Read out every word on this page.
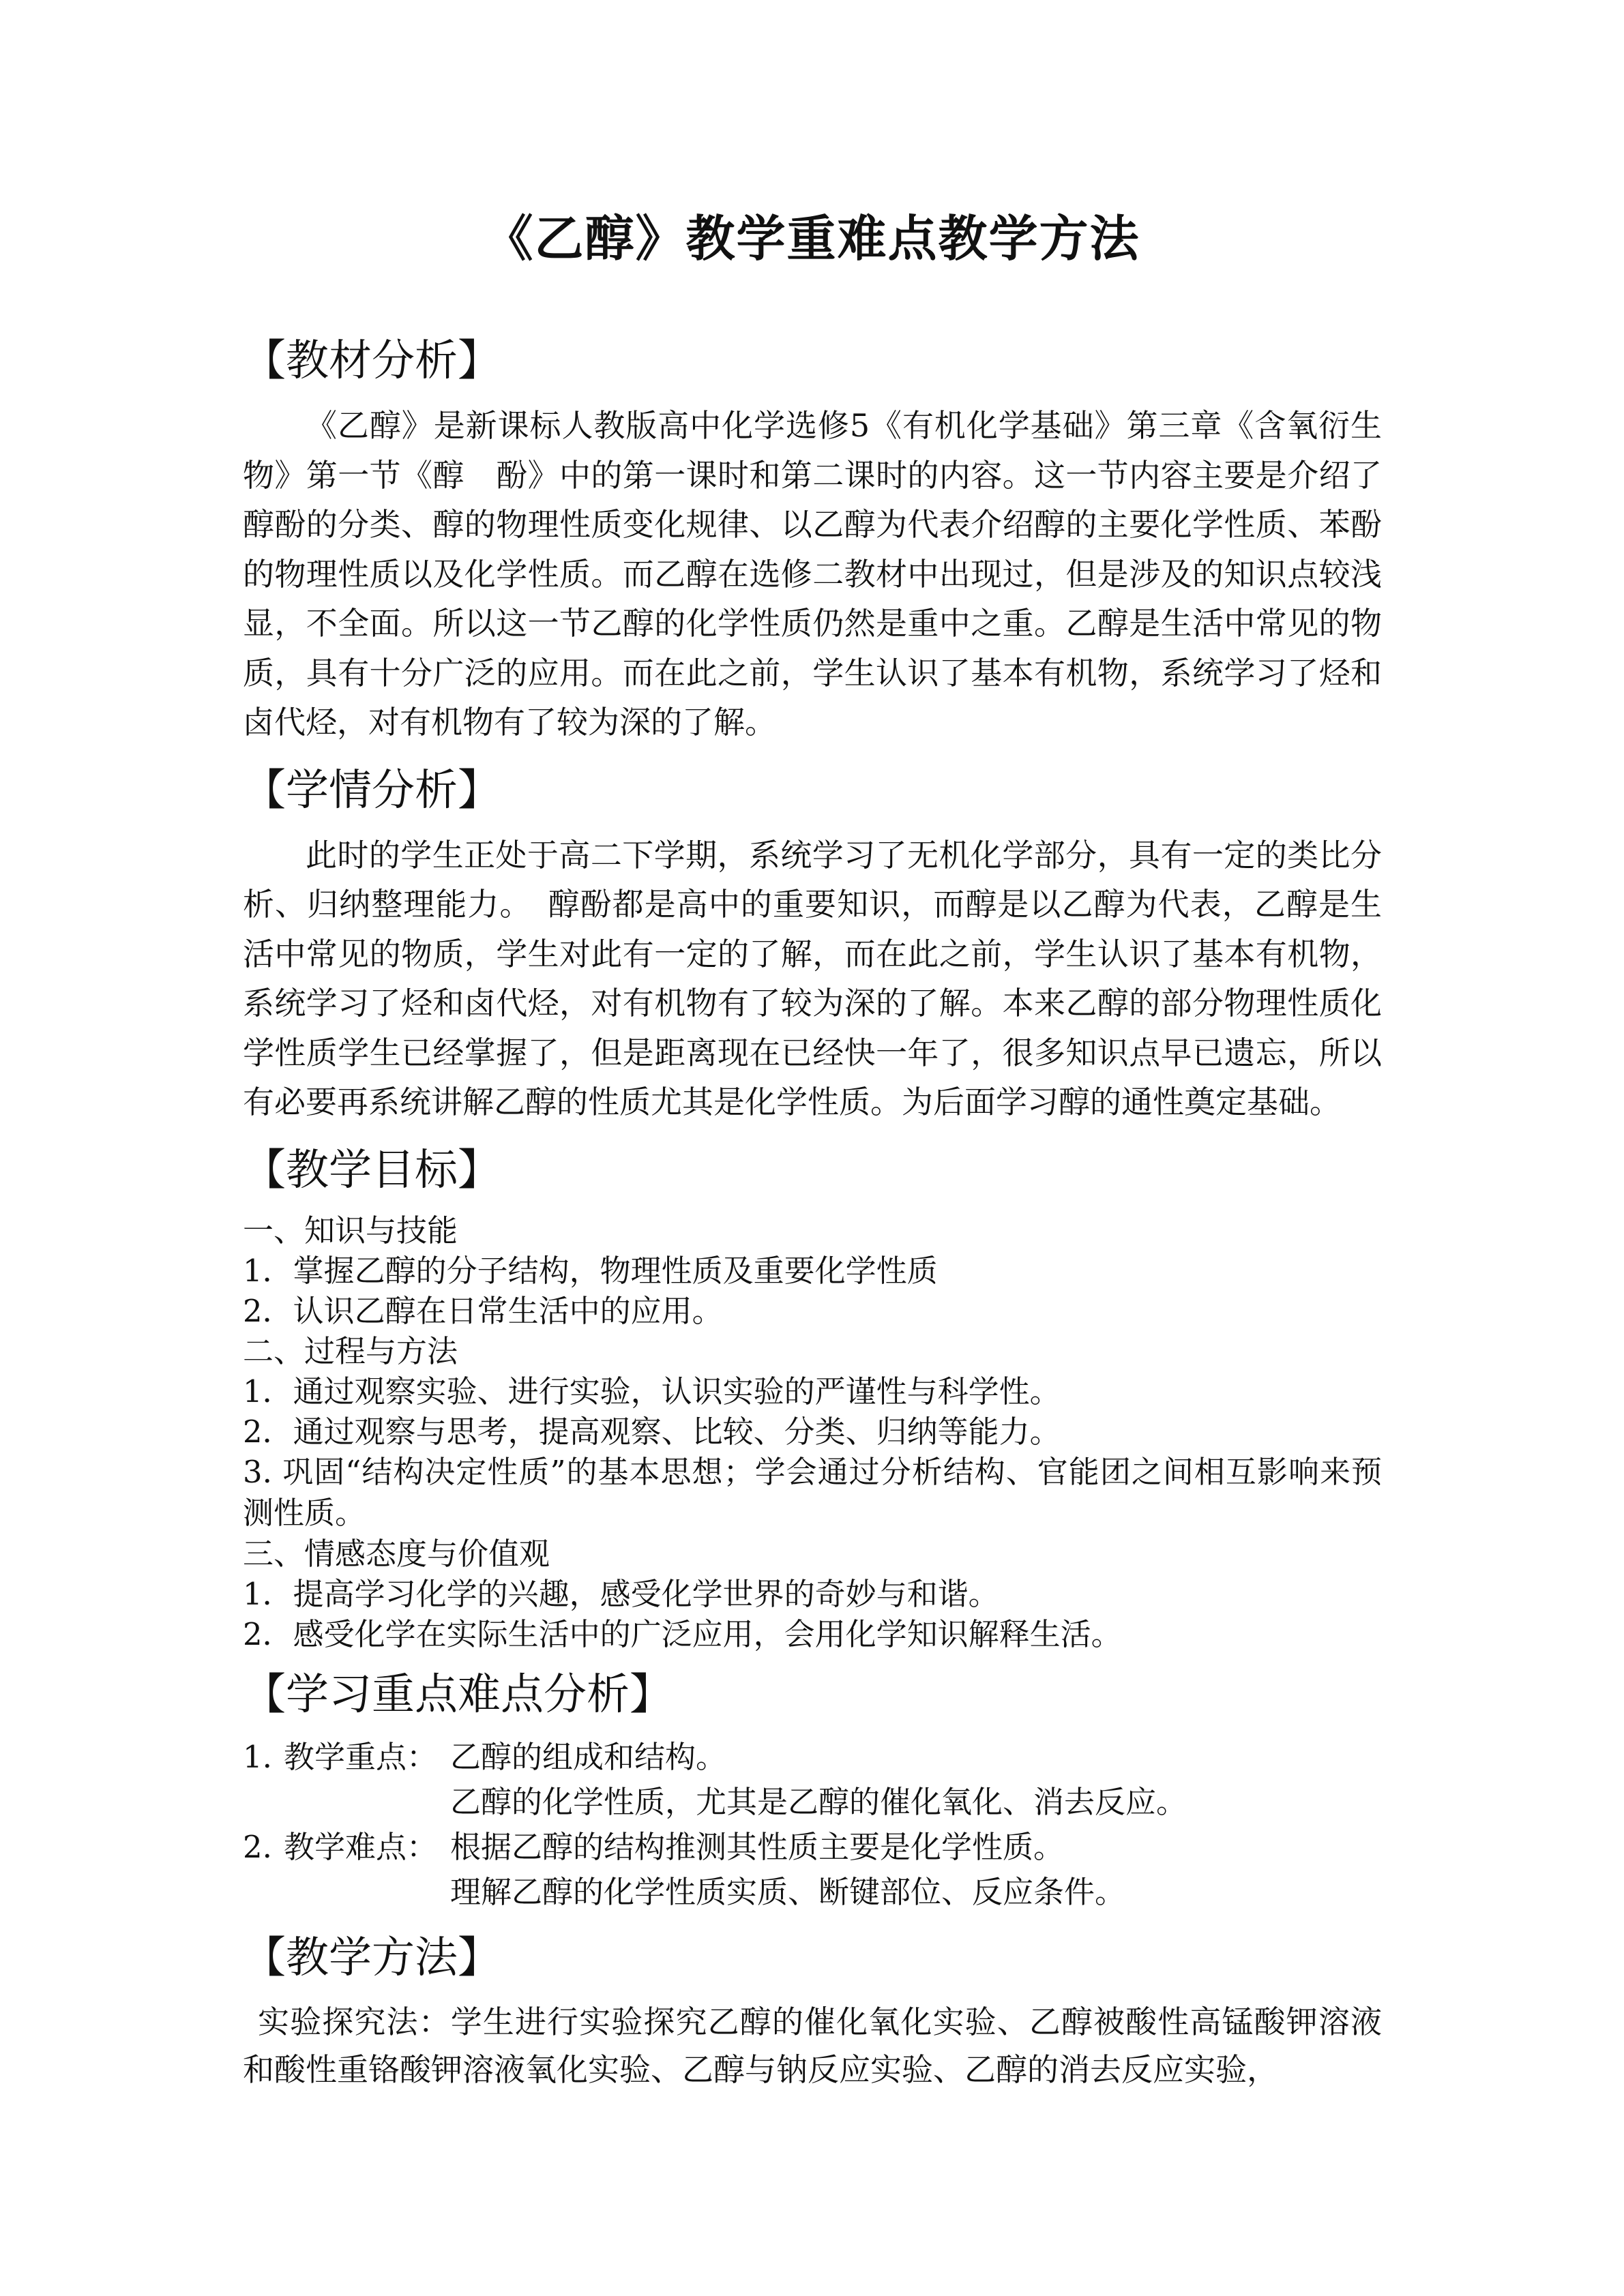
《乙醇》教学重难点教学方法
【教材分析】

《乙醇》是新课标人教版高中化学选修5《有机化学基础》第三章《含氧衍生物》第一节《醇　酚》中的第一课时和第二课时的内容。这一节内容主要是介绍了醇酚的分类、醇的物理性质变化规律、以乙醇为代表介绍醇的主要化学性质、苯酚的物理性质以及化学性质。而乙醇在选修二教材中出现过，但是涉及的知识点较浅显，不全面。所以这一节乙醇的化学性质仍然是重中之重。乙醇是生活中常见的物质，具有十分广泛的应用。而在此之前，学生认识了基本有机物，系统学习了烃和卤代烃，对有机物有了较为深的了解。

【学情分析】

此时的学生正处于高二下学期，系统学习了无机化学部分，具有一定的类比分析、归纳整理能力。　醇酚都是高中的重要知识，而醇是以乙醇为代表，乙醇是生活中常见的物质，学生对此有一定的了解，而在此之前，学生认识了基本有机物，系统学习了烃和卤代烃，对有机物有了较为深的了解。本来乙醇的部分物理性质化学性质学生已经掌握了，但是距离现在已经快一年了，很多知识点早已遗忘，所以有必要再系统讲解乙醇的性质尤其是化学性质。为后面学习醇的通性奠定基础。

【教学目标】

一、知识与技能

1．掌握乙醇的分子结构，物理性质及重要化学性质

2．认识乙醇在日常生活中的应用。

二、过程与方法

1．通过观察实验、进行实验，认识实验的严谨性与科学性。

2．通过观察与思考，提高观察、比较、分类、归纳等能力。

3. 巩固“结构决定性质”的基本思想；学会通过分析结构、官能团之间相互影响来预测性质。

三、情感态度与价值观

1．提高学习化学的兴趣，感受化学世界的奇妙与和谐。

2．感受化学在实际生活中的广泛应用，会用化学知识解释生活。

【学习重点难点分析】
1. 教学重点： 乙醇的组成和结构。
乙醇的化学性质，尤其是乙醇的催化氧化、消去反应。
2. 教学难点： 根据乙醇的结构推测其性质主要是化学性质。
理解乙醇的化学性质实质、断键部位、反应条件。
【教学方法】

实验探究法：学生进行实验探究乙醇的催化氧化实验、乙醇被酸性高锰酸钾溶液和酸性重铬酸钾溶液氧化实验、乙醇与钠反应实验、乙醇的消去反应实验，
